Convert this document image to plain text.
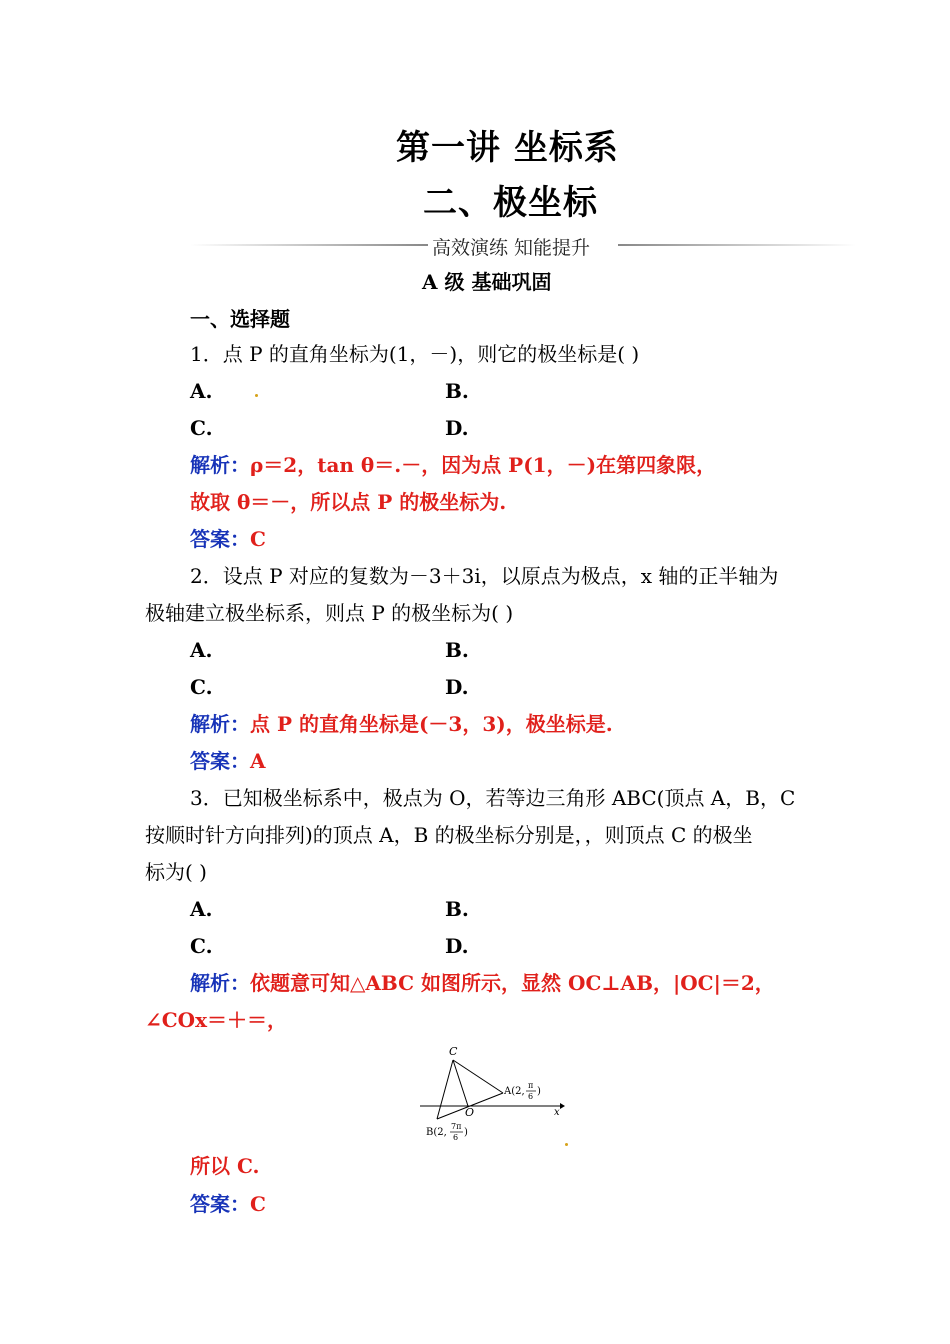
第一讲 坐标系
二、极坐标
高效演练 知能提升
A 级 基础巩固
一、选择题
1．点 P 的直角坐标为(1，－)，则它的极坐标是( )
A.	B.
C.	D.
解析：ρ＝2，tan θ＝.－，因为点 P(1，－)在第四象限，
故取 θ＝－，所以点 P 的极坐标为.
答案：C
2．设点 P 对应的复数为－3＋3i，以原点为极点，x 轴的正半轴为
极轴建立极坐标系，则点 P 的极坐标为( )
A.	B.
C.	D.
解析：点 P 的直角坐标是(－3，3)，极坐标是.
答案：A
3．已知极坐标系中，极点为 O，若等边三角形 ABC(顶点 A，B，C
按顺时针方向排列)的顶点 A，B 的极坐标分别是，，则顶点 C 的极坐
标为( )
A.	B.
C.	D.
解析：依题意可知△ABC 如图所示，显然 OC⊥AB，|OC|＝2，
∠COx＝＋＝，
C
O	x
A(2,
π
6 )
B(2,
7π
6 )
所以 C.
答案：C
